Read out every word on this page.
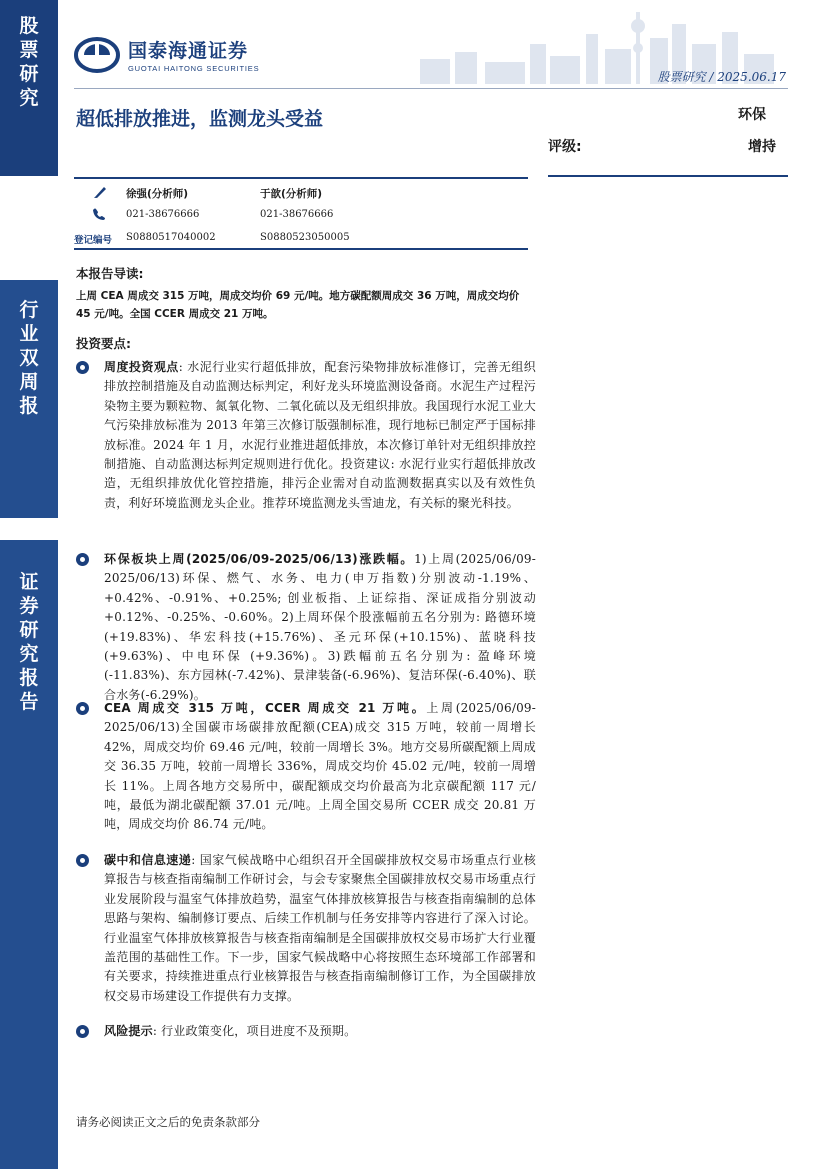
股
票
研
究
行
业
双
周
报
证
券
研
究
报
告
国泰海通证券
GUOTAI HAITONG SECURITIES
股票研究 / 2025.06.17
超低排放推进，监测龙头受益	环保
评级:	增持
徐强(分析师)
021-38676666
S0880517040002
于歆(分析师)
021-38676666
S0880523050005
登记编号
本报告导读:
上周 CEA 周成交 315 万吨，周成交均价 69 元/吨。地方碳配额周成交 36 万吨，周成交均价 45 元/吨。全国 CCER 周成交 21 万吨。
投资要点:
周度投资观点: 水泥行业实行超低排放，配套污染物排放标准修订，完善无组织排放控制措施及自动监测达标判定，利好龙头环境监测设备商。水泥生产过程污染物主要为颗粒物、氮氧化物、二氧化硫以及无组织排放。我国现行水泥工业大气污染排放标准为 2013 年第三次修订版强制标准，现行地标已制定严于国标排放标准。2024 年 1 月，水泥行业推进超低排放，本次修订单针对无组织排放控制措施、自动监测达标判定规则进行优化。投资建议: 水泥行业实行超低排放改造，无组织排放优化管控措施，排污企业需对自动监测数据真实以及有效性负责，利好环境监测龙头企业。推荐环境监测龙头雪迪龙，有关标的聚光科技。
环保板块上周(2025/06/09-2025/06/13)涨跌幅。1)上周(2025/06/09-2025/06/13)环保、燃气、水务、电力(申万指数)分别波动-1.19%、+0.42%、-0.91%、+0.25%; 创业板指、上证综指、深证成指分别波动+0.12%、-0.25%、-0.60%。2)上周环保个股涨幅前五名分别为: 路德环境(+19.83%)、华宏科技(+15.76%)、圣元环保(+10.15%)、蓝晓科技(+9.63%)、中电环保 (+9.36%)。3)跌幅前五名分别为: 盈峰环境(-11.83%)、东方园林(-7.42%)、景津装备(-6.96%)、复洁环保(-6.40%)、联合水务(-6.29%)。
CEA 周成交 315 万吨，CCER 周成交 21 万吨。上周(2025/06/09-2025/06/13)全国碳市场碳排放配额(CEA)成交 315 万吨，较前一周增长 42%，周成交均价 69.46 元/吨，较前一周增长 3%。地方交易所碳配额上周成交 36.35 万吨，较前一周增长 336%，周成交均价 45.02 元/吨，较前一周增长 11%。上周各地方交易所中，碳配额成交均价最高为北京碳配额 117 元/吨，最低为湖北碳配额 37.01 元/吨。上周全国交易所 CCER 成交 20.81 万吨，周成交均价 86.74 元/吨。
碳中和信息速递: 国家气候战略中心组织召开全国碳排放权交易市场重点行业核算报告与核查指南编制工作研讨会，与会专家聚焦全国碳排放权交易市场重点行业发展阶段与温室气体排放趋势，温室气体排放核算报告与核查指南编制的总体思路与架构、编制修订要点、后续工作机制与任务安排等内容进行了深入讨论。行业温室气体排放核算报告与核查指南编制是全国碳排放权交易市场扩大行业覆盖范围的基础性工作。下一步，国家气候战略中心将按照生态环境部工作部署和有关要求，持续推进重点行业核算报告与核查指南编制修订工作，为全国碳排放权交易市场建设工作提供有力支撑。
风险提示: 行业政策变化，项目进度不及预期。
请务必阅读正文之后的免责条款部分
